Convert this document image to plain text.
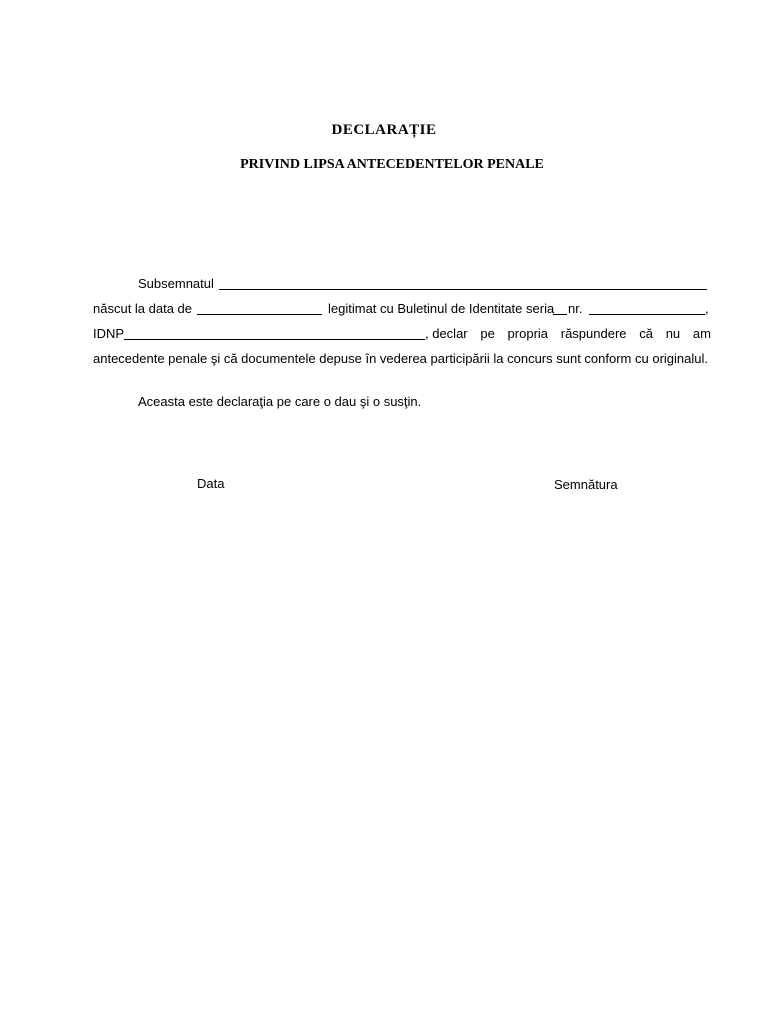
DECLARAȚIE
PRIVIND LIPSA ANTECEDENTELOR PENALE
Subsemnatul
născut la data de	legitimat cu Buletinul de Identitate seria nr.	,
IDNP	, declar pe propria răspundere că nu am
antecedente penale şi că documentele depuse în vederea participării la concurs sunt conform cu originalul.
Aceasta este declaraţia pe care o dau şi o susţin.
Data	Semnătura
